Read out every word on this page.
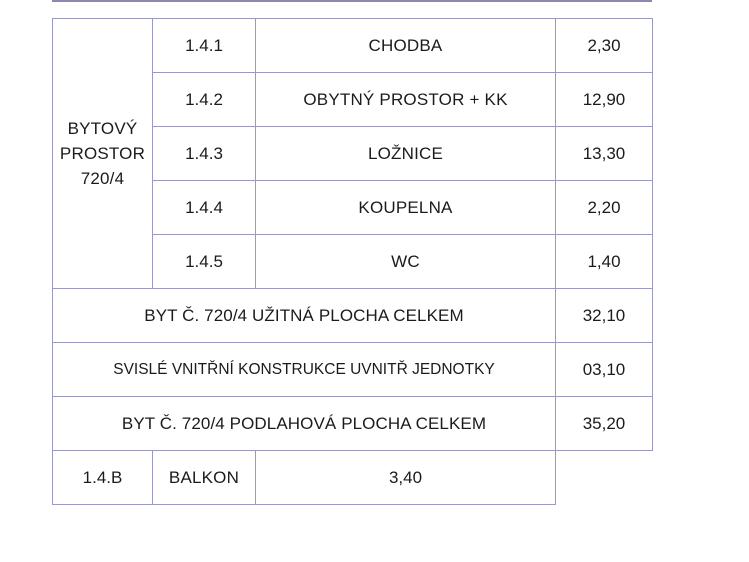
BYTOVÝ
PROSTOR
720/4	1.4.1	CHODBA	2,30
	1.4.2	OBYTNÝ PROSTOR + KK	12,90
	1.4.3	LOŽNICE	13,30
	1.4.4	KOUPELNA	2,20
	1.4.5	WC	1,40
BYT Č. 720/4 UŽITNÁ PLOCHA CELKEM			32,10
SVISLÉ VNITŘNÍ KONSTRUKCE UVNITŘ JEDNOTKY			03,10
BYT Č. 720/4 PODLAHOVÁ PLOCHA CELKEM			35,20
1.4.B	BALKON	3,40	
